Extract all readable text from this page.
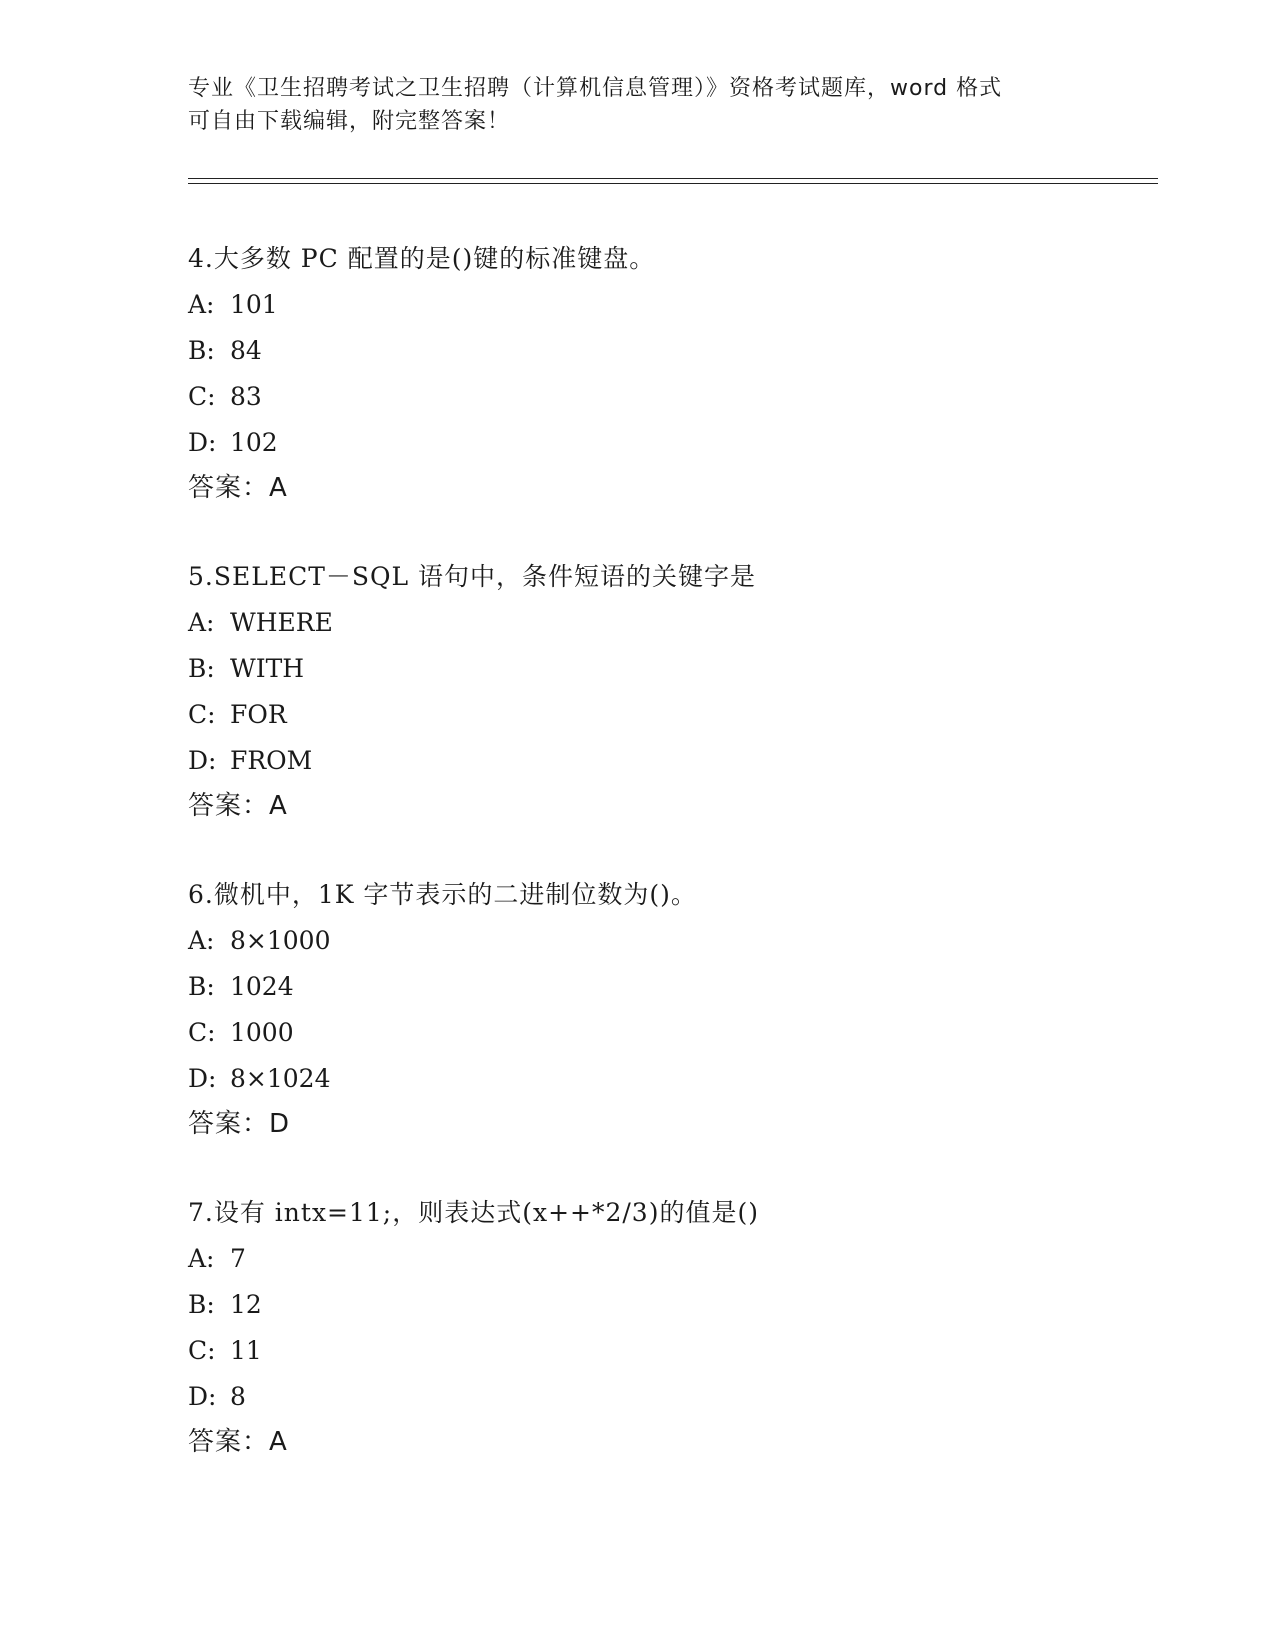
专业《卫生招聘考试之卫生招聘（计算机信息管理）》资格考试题库，word 格式
可自由下载编辑，附完整答案！
4.大多数 PC 配置的是()键的标准键盘。
A: 101
B: 84
C: 83
D: 102
答案：A
5.SELECT－SQL 语句中，条件短语的关键字是
A: WHERE
B: WITH
C: FOR
D: FROM
答案：A
6.微机中，1K 字节表示的二进制位数为()。
A: 8×1000
B: 1024
C: 1000
D: 8×1024
答案：D
7.设有 intx=11;，则表达式(x++*2/3)的值是()
A: 7
B: 12
C: 11
D: 8
答案：A
